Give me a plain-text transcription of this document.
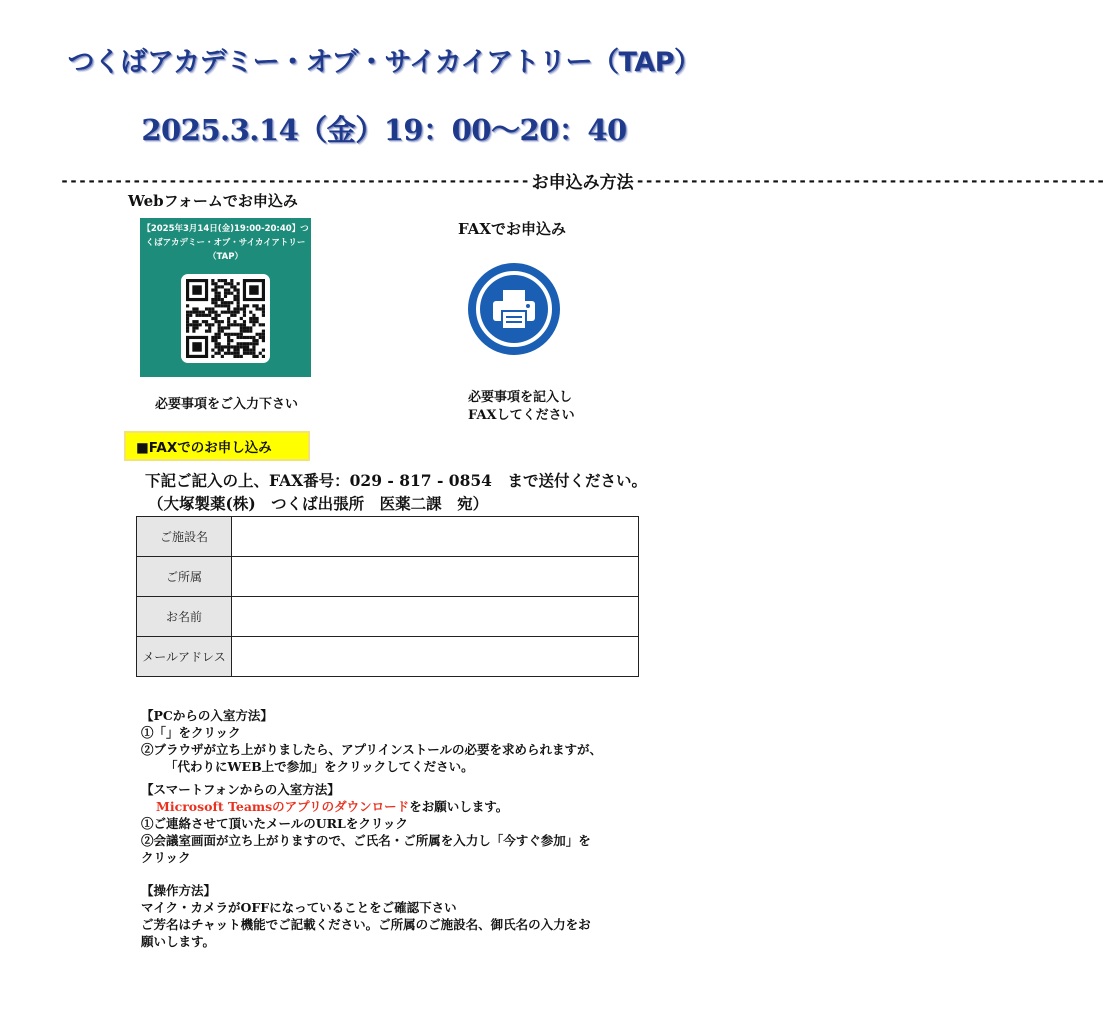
つくばアカデミー・オブ・サイカイアトリー（TAP）
2025.3.14（金）19：00～20：40
---------------------------------------------------- お申込み方法 ----------------------------------------------------
Webフォームでお申込み
FAXでお申込み
【2025年3月14日(金)19:00-20:40】つ
くばアカデミー・オブ・サイカイアトリー
（TAP）
必要事項をご入力下さい	必要事項を記入し
FAXしてください
■FAXでのお申し込み
下記ご記入の上、FAX番号：029 - 817 - 0854　まで送付ください。
（大塚製薬(株)　つくば出張所　医薬二課　宛）
ご施設名	
ご所属	
お名前	
メールアドレス	
【PCからの入室方法】
①「」をクリック
②ブラウザが立ち上がりましたら、アプリインストールの必要を求められますが、
「代わりにWEB上で参加」をクリックしてください。
【スマートフォンからの入室方法】
Microsoft Teamsのアプリのダウンロードをお願いします。
①ご連絡させて頂いたメールのURLをクリック
②会議室画面が立ち上がりますので、ご氏名・ご所属を入力し「今すぐ参加」を
クリック
【操作方法】
マイク・カメラがOFFになっていることをご確認下さい
ご芳名はチャット機能でご記載ください。ご所属のご施設名、御氏名の入力をお
願いします。
